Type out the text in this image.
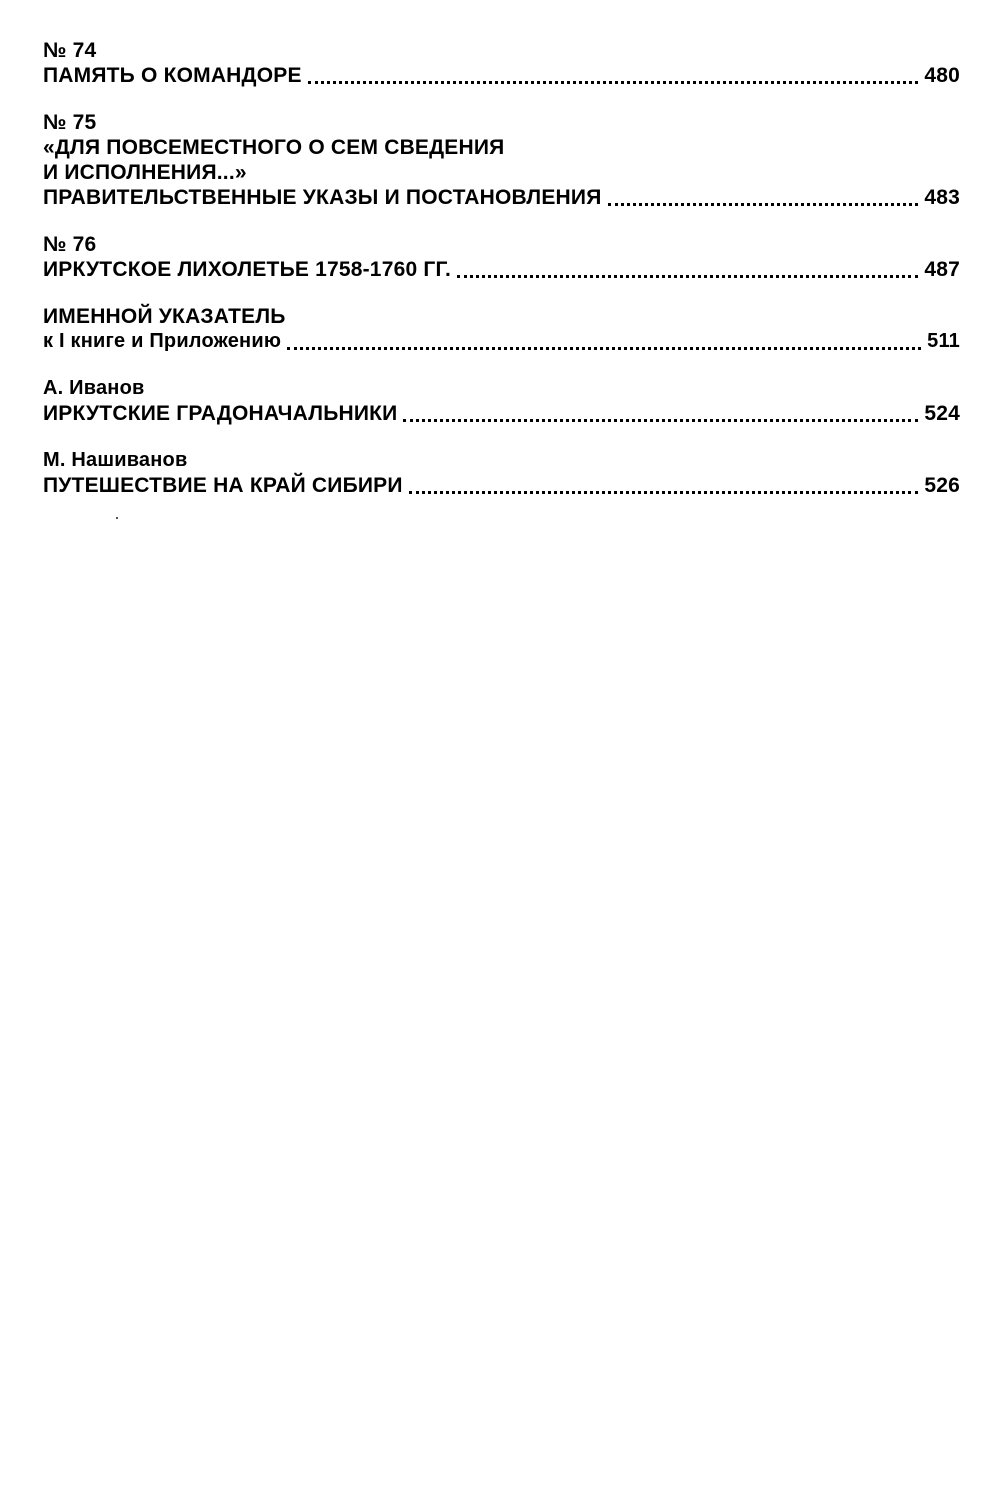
№ 74
ПАМЯТЬ О КОМАНДОРЕ	480
№ 75
«ДЛЯ ПОВСЕМЕСТНОГО О СЕМ СВЕДЕНИЯ
И ИСПОЛНЕНИЯ...»
ПРАВИТЕЛЬСТВЕННЫЕ УКАЗЫ И ПОСТАНОВЛЕНИЯ	483
№ 76
ИРКУТСКОЕ ЛИХОЛЕТЬЕ 1758-1760 ГГ.	487
ИМЕННОЙ УКАЗАТЕЛЬ
к I книге и Приложению	511
А. Иванов
ИРКУТСКИЕ ГРАДОНАЧАЛЬНИКИ	524
М. Нашиванов
ПУТЕШЕСТВИЕ НА КРАЙ СИБИРИ	526
